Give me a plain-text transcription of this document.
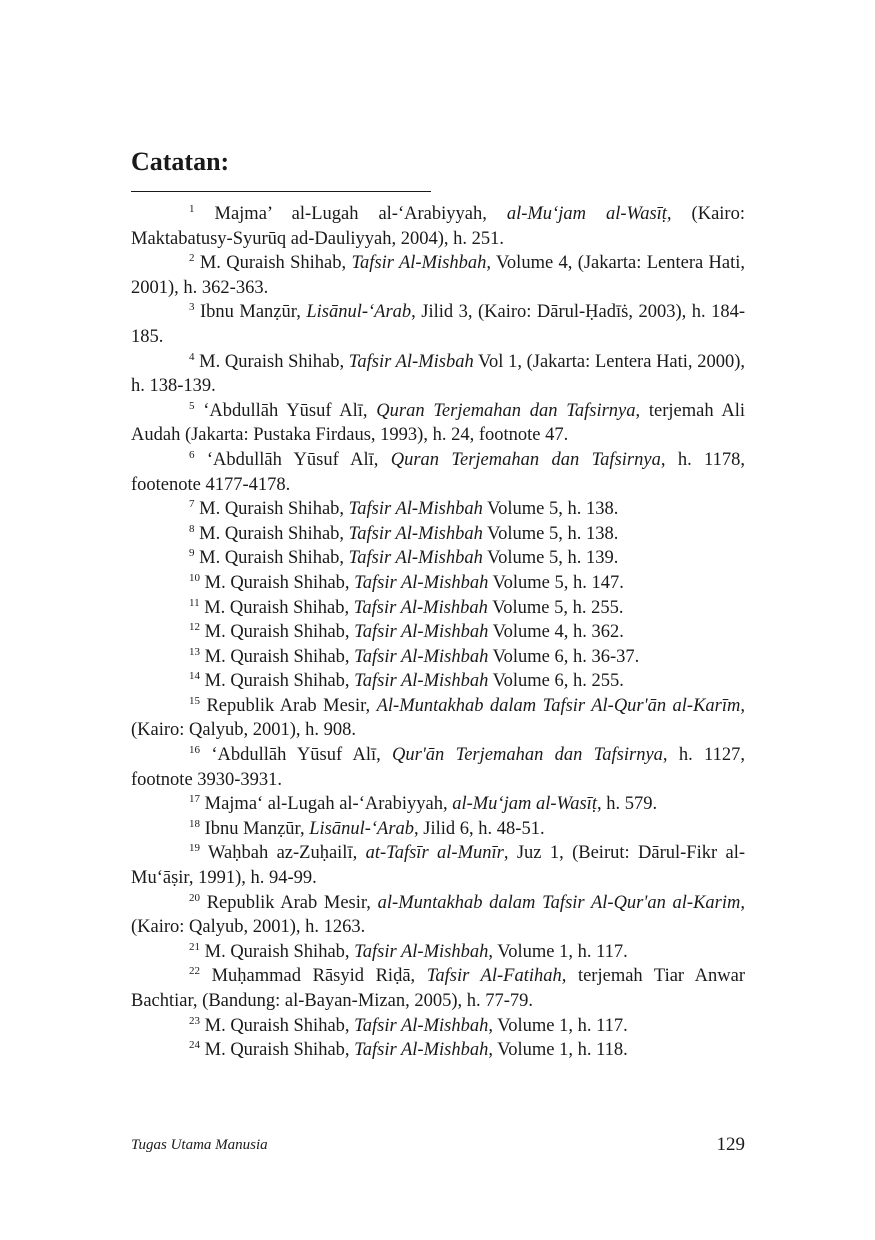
Catatan:

$^1$ Majma’ al-Lugah al-‘Arabiyyah, al-Mu‘jam al-Wasīṭ, (Kairo: Maktabatusy-Syurūq ad-Dauliyyah, 2004), h. 251.

$^2$ M. Quraish Shihab, Tafsir Al-Mishbah, Volume 4, (Jakarta: Lentera Hati, 2001), h. 362-363.

$^3$ Ibnu Manẓūr, Lisānul-‘Arab, Jilid 3, (Kairo: Dārul-Ḥadīṡ, 2003), h. 184-185.

$^4$ M. Quraish Shihab, Tafsir Al-Misbah Vol 1, (Jakarta: Lentera Hati, 2000), h. 138-139.

$^5$ ‘Abdullāh Yūsuf Alī, Quran Terjemahan dan Tafsirnya, terjemah Ali Audah (Jakarta: Pustaka Firdaus, 1993), h. 24, footnote 47.

$^6$ ‘Abdullāh Yūsuf Alī, Quran Terjemahan dan Tafsirnya, h. 1178, footenote 4177-4178.

$^7$ M. Quraish Shihab, Tafsir Al-Mishbah Volume 5, h. 138.

$^8$ M. Quraish Shihab, Tafsir Al-Mishbah Volume 5, h. 138.

$^9$ M. Quraish Shihab, Tafsir Al-Mishbah Volume 5, h. 139.

$^{10}$ M. Quraish Shihab, Tafsir Al-Mishbah Volume 5, h. 147.

$^{11}$ M. Quraish Shihab, Tafsir Al-Mishbah Volume 5, h. 255.

$^{12}$ M. Quraish Shihab, Tafsir Al-Mishbah Volume 4, h. 362.

$^{13}$ M. Quraish Shihab, Tafsir Al-Mishbah Volume 6, h. 36-37.

$^{14}$ M. Quraish Shihab, Tafsir Al-Mishbah Volume 6, h. 255.

$^{15}$ Republik Arab Mesir, Al-Muntakhab dalam Tafsir Al-Qur'ān al-Karīm, (Kairo: Qalyub, 2001), h. 908.

$^{16}$ ‘Abdullāh Yūsuf Alī, Qur'ān Terjemahan dan Tafsirnya, h. 1127, footnote 3930-3931.

$^{17}$ Majma‘ al-Lugah al-‘Arabiyyah, al-Mu‘jam al-Wasīṭ, h. 579.

$^{18}$ Ibnu Manẓūr, Lisānul-‘Arab, Jilid 6, h. 48-51.

$^{19}$ Waḥbah az-Zuḥailī, at-Tafsīr al-Munīr, Juz 1, (Beirut: Dārul-Fikr al-Mu‘āṣir, 1991), h. 94-99.

$^{20}$ Republik Arab Mesir, al-Muntakhab dalam Tafsir Al-Qur'an al-Karim, (Kairo: Qalyub, 2001), h. 1263.

$^{21}$ M. Quraish Shihab, Tafsir Al-Mishbah, Volume 1, h. 117.

$^{22}$ Muḥammad Rāsyid Riḍā, Tafsir Al-Fatihah, terjemah Tiar Anwar Bachtiar, (Bandung: al-Bayan-Mizan, 2005), h. 77-79.

$^{23}$ M. Quraish Shihab, Tafsir Al-Mishbah, Volume 1, h. 117.

$^{24}$ M. Quraish Shihab, Tafsir Al-Mishbah, Volume 1, h. 118.

Tugas Utama Manusia	129
